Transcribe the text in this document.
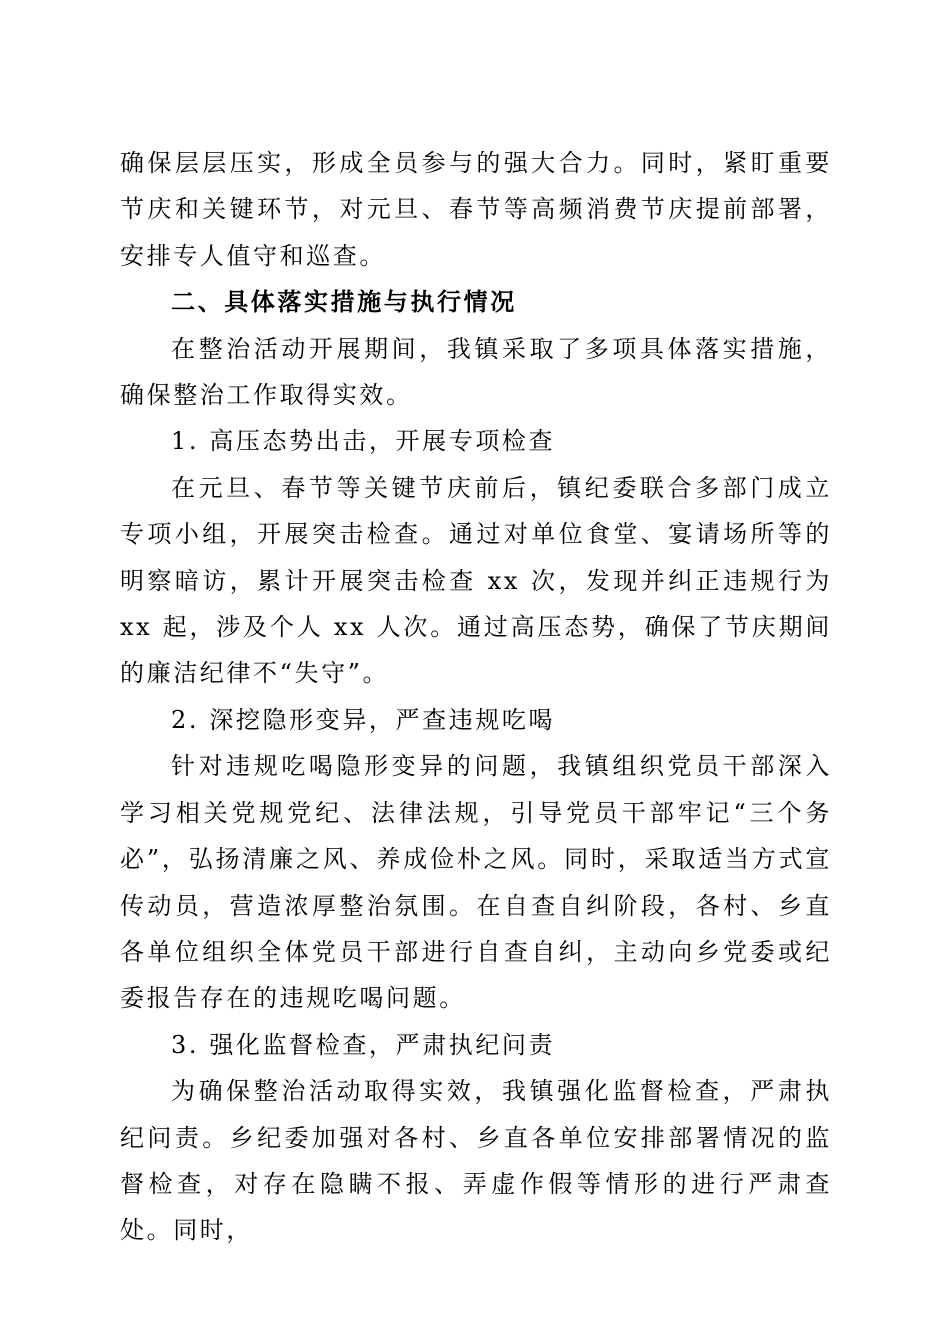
确保层层压实，形成全员参与的强大合力。同时，紧盯重要节庆和关键环节，对元旦、春节等高频消费节庆提前部署，安排专人值守和巡查。

二、具体落实措施与执行情况

在整治活动开展期间，我镇采取了多项具体落实措施，确保整治工作取得实效。

1. 高压态势出击，开展专项检查

在元旦、春节等关键节庆前后，镇纪委联合多部门成立专项小组，开展突击检查。通过对单位食堂、宴请场所等的明察暗访，累计开展突击检查 xx 次，发现并纠正违规行为 xx 起，涉及个人 xx 人次。通过高压态势，确保了节庆期间的廉洁纪律不“失守”。

2. 深挖隐形变异，严查违规吃喝

针对违规吃喝隐形变异的问题，我镇组织党员干部深入学习相关党规党纪、法律法规，引导党员干部牢记“三个务必”，弘扬清廉之风、养成俭朴之风。同时，采取适当方式宣传动员，营造浓厚整治氛围。在自查自纠阶段，各村、乡直各单位组织全体党员干部进行自查自纠，主动向乡党委或纪委报告存在的违规吃喝问题。

3. 强化监督检查，严肃执纪问责

为确保整治活动取得实效，我镇强化监督检查，严肃执纪问责。乡纪委加强对各村、乡直各单位安排部署情况的监督检查，对存在隐瞒不报、弄虚作假等情形的进行严肃查处。同时，
